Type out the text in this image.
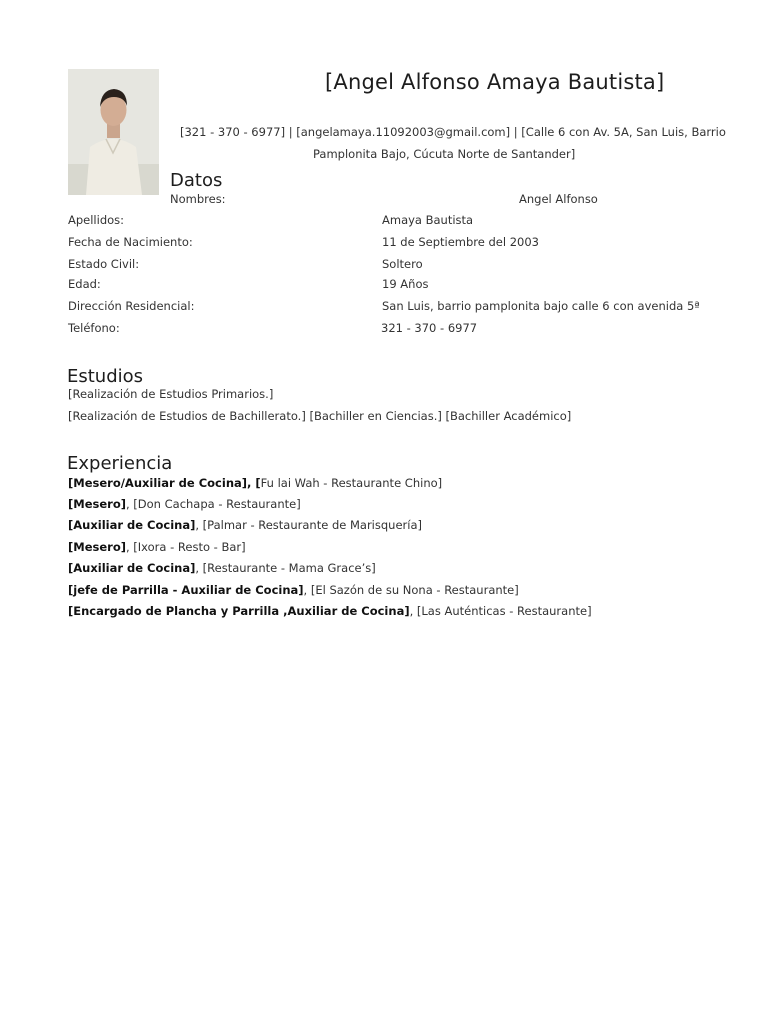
[Angel Alfonso Amaya Bautista]
[321 - 370 - 6977] | [angelamaya.11092003@gmail.com] | [Calle 6 con Av. 5A, San Luis, Barrio
Pamplonita Bajo, Cúcuta Norte de Santander]
Datos
Nombres:	Angel Alfonso
Apellidos:	Amaya Bautista
Fecha de Nacimiento:	11 de Septiembre del 2003
Estado Civil:	Soltero
Edad:	19 Años
Dirección Residencial:	San Luis, barrio pamplonita bajo calle 6 con avenida 5ª
Teléfono:	321 - 370 - 6977
Estudios
[Realización de Estudios Primarios.]
[Realización de Estudios de Bachillerato.] [Bachiller en Ciencias.] [Bachiller Académico]
Experiencia
[Mesero/Auxiliar de Cocina], [Fu lai Wah - Restaurante Chino]
[Mesero], [Don Cachapa - Restaurante]
[Auxiliar de Cocina], [Palmar - Restaurante de Marisquería]
[Mesero], [Ixora - Resto - Bar]
[Auxiliar de Cocina], [Restaurante - Mama Grace’s]
[jefe de Parrilla - Auxiliar de Cocina], [El Sazón de su Nona - Restaurante]
[Encargado de Plancha y Parrilla ,Auxiliar de Cocina], [Las Auténticas - Restaurante]
